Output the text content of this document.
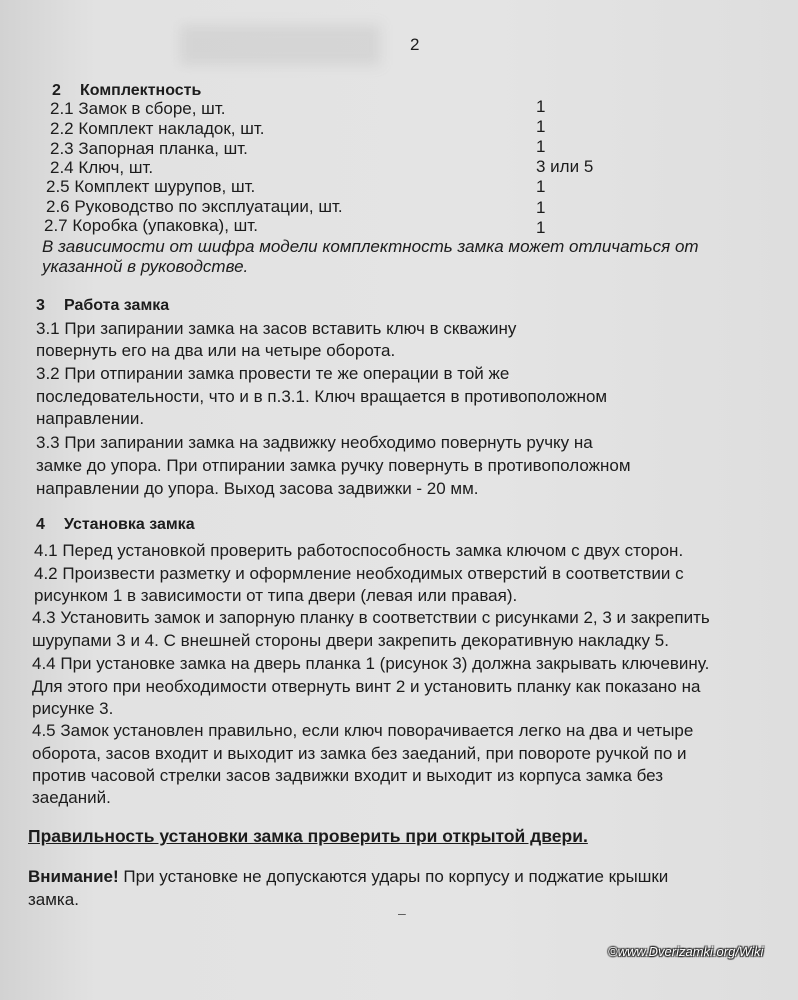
2
2 Комплектность
2.1 Замок в сборе, шт.	1
2.2 Комплект накладок, шт.	1
2.3 Запорная планка, шт.	1
2.4 Ключ, шт.	3 или 5
2.5 Комплект шурупов, шт.	1
2.6 Руководство по эксплуатации, шт.	1
2.7 Коробка (упаковка), шт.	1
В зависимости от шифра модели комплектность замка может отличаться от
указанной в руководстве.
3 Работа замка
3.1 При запирании замка на засов вставить ключ в скважину
повернуть его на два или на четыре оборота.
3.2 При отпирании замка провести те же операции в той же
последовательности, что и в п.3.1. Ключ вращается в противоположном
направлении.
3.3 При запирании замка на задвижку необходимо повернуть ручку на
замке до упора. При отпирании замка ручку повернуть в противоположном
направлении до упора. Выход засова задвижки - 20 мм.
4 Установка замка
4.1 Перед установкой проверить работоспособность замка ключом с двух сторон.
4.2 Произвести разметку и оформление необходимых отверстий в соответствии с
рисунком 1 в зависимости от типа двери (левая или правая).
4.3 Установить замок и запорную планку в соответствии с рисунками 2, 3 и закрепить
шурупами 3 и 4. С внешней стороны двери закрепить декоративную накладку 5.
4.4 При установке замка на дверь планка 1 (рисунок 3) должна закрывать ключевину.
Для этого при необходимости отвернуть винт 2 и установить планку как показано на
рисунке 3.
4.5 Замок установлен правильно, если ключ поворачивается легко на два и четыре
оборота, засов входит и выходит из замка без заеданий, при повороте ручкой по и
против часовой стрелки засов задвижки входит и выходит из корпуса замка без
заеданий.
Правильность установки замка проверить при открытой двери.
Внимание! При установке не допускаются удары по корпусу и поджатие крышки
замка.
–
©www.Dverizamki.org/Wiki
